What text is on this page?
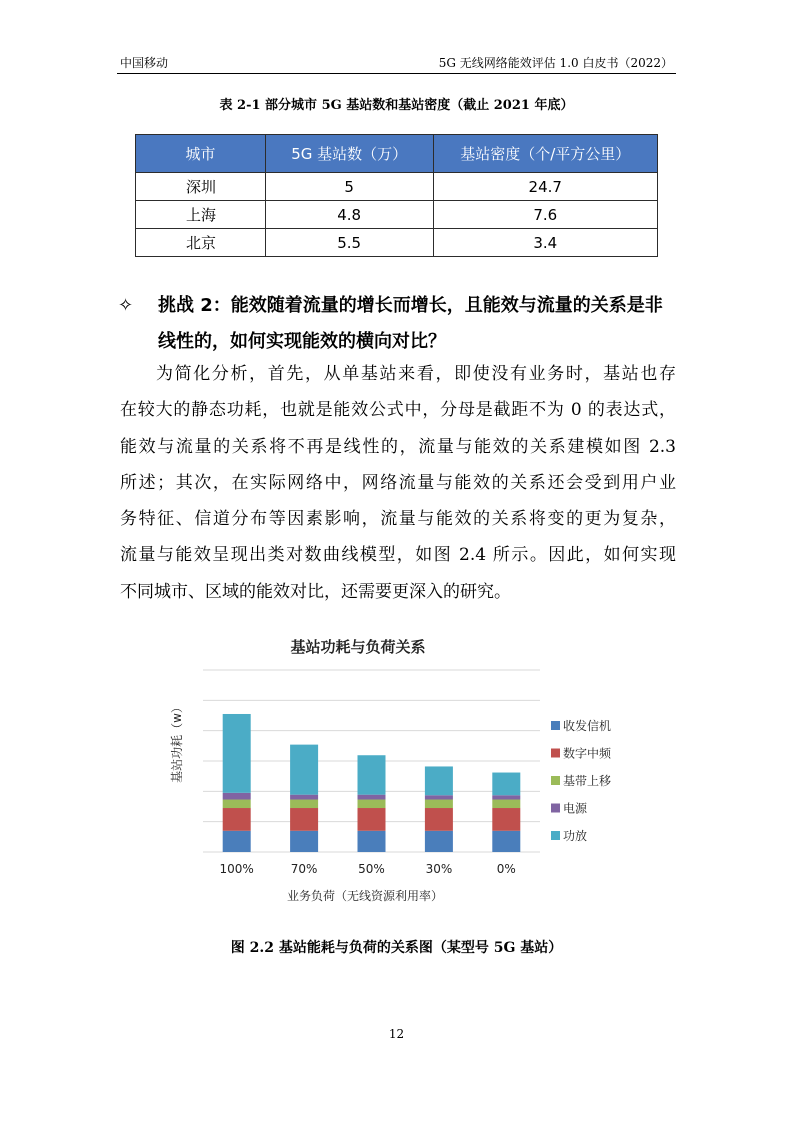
中国移动	5G 无线网络能效评估 1.0 白皮书（2022）
表 2-1 部分城市 5G 基站数和基站密度（截止 2021 年底）
城市	5G 基站数（万）	基站密度（个/平方公里）
深圳	5	24.7
上海	4.8	7.6
北京	5.5	3.4
✧ 挑战 2：能效随着流量的增长而增长，且能效与流量的关系是非
线性的，如何实现能效的横向对比？
为简化分析，首先，从单基站来看，即使没有业务时，基站也存
在较大的静态功耗，也就是能效公式中，分母是截距不为 0 的表达式，
能效与流量的关系将不再是线性的，流量与能效的关系建模如图 2.3
所述；其次，在实际网络中，网络流量与能效的关系还会受到用户业
务特征、信道分布等因素影响，流量与能效的关系将变的更为复杂，
流量与能效呈现出类对数曲线模型，如图 2.4 所示。因此，如何实现
不同城市、区域的能效对比，还需要更深入的研究。
基站功耗与负荷关系
基站功耗（w）
业务负荷（无线资源利用率）
100%	70%	50%	30%	0%
收发信机
数字中频
基带上移
电源
功放
图 2.2 基站能耗与负荷的关系图（某型号 5G 基站）
12
